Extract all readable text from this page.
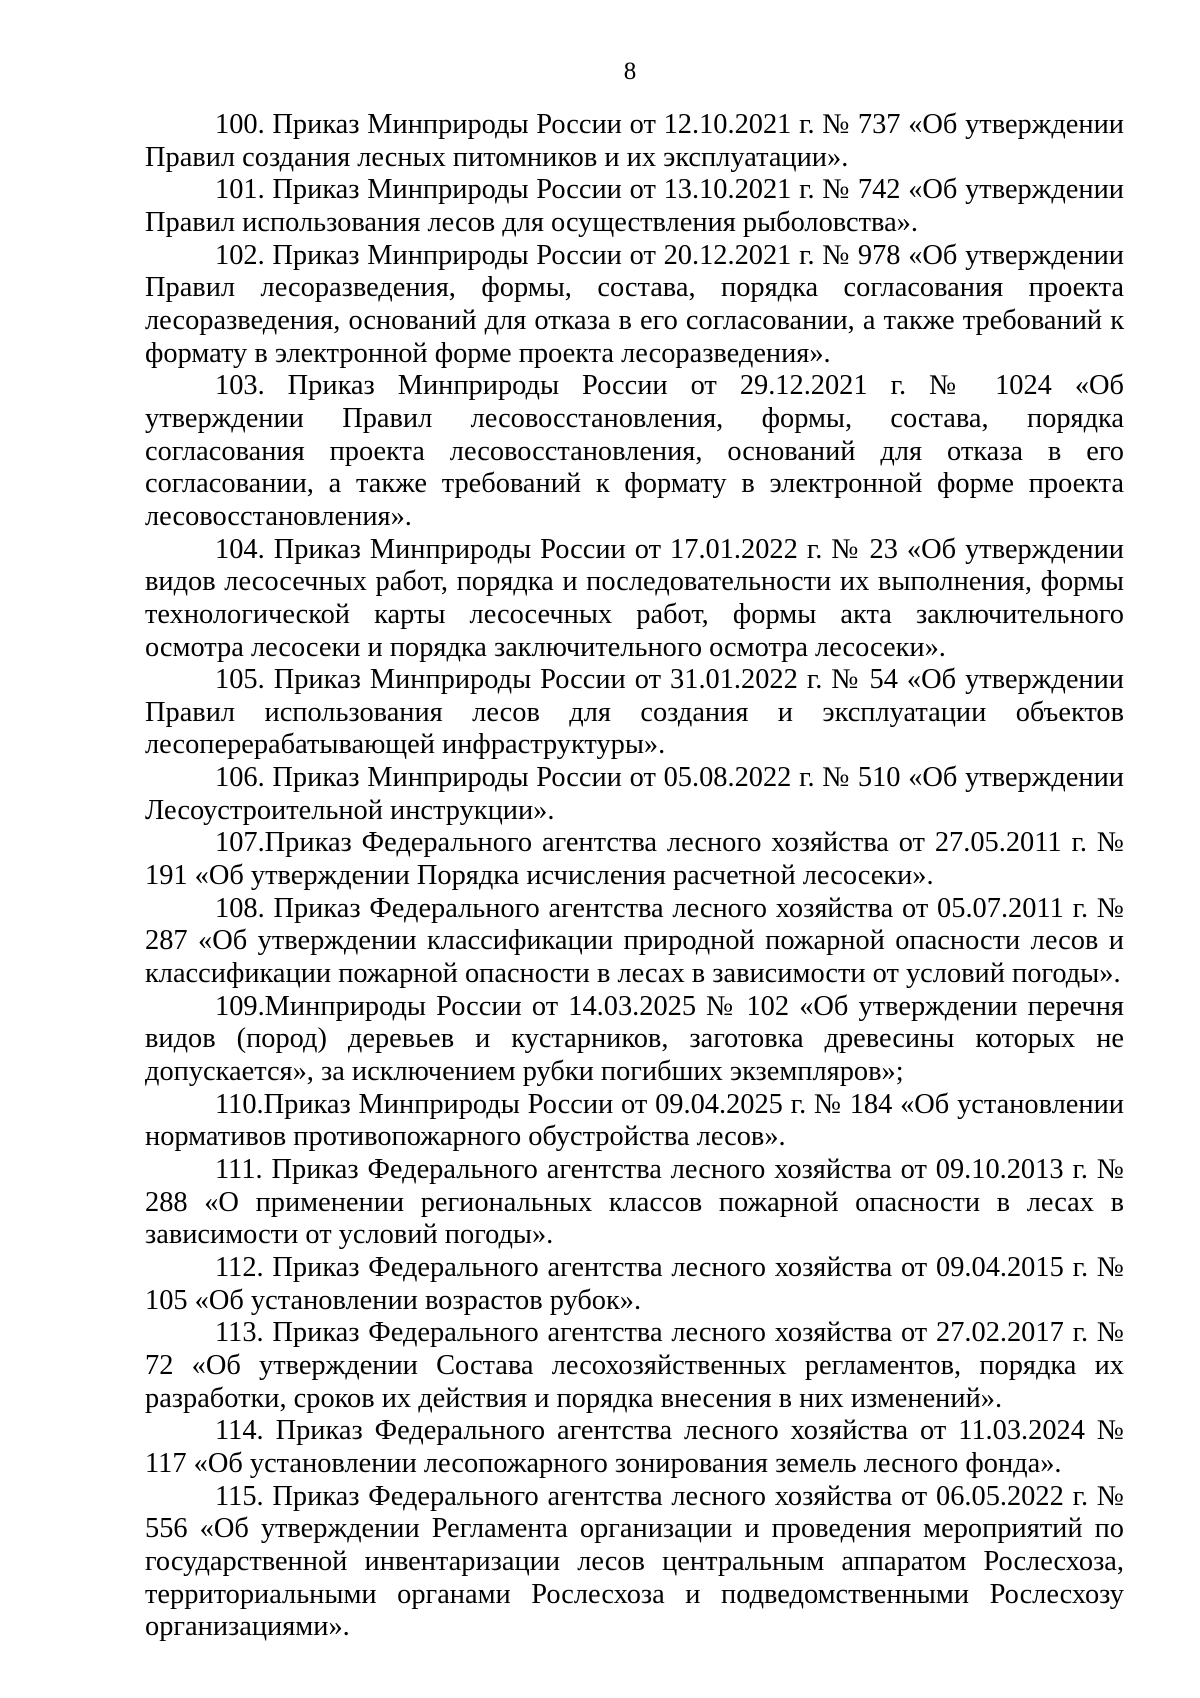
8

100. Приказ Минприроды России от 12.10.2021 г. № 737 «Об утверждении Правил создания лесных питомников и их эксплуатации».

101. Приказ Минприроды России от 13.10.2021 г. № 742 «Об утверждении Правил использования лесов для осуществления рыболовства».

102. Приказ Минприроды России от 20.12.2021 г. № 978 «Об утверждении Правил лесоразведения, формы, состава, порядка согласования проекта лесоразведения, оснований для отказа в его согласовании, а также требований к формату в электронной форме проекта лесоразведения».

103. Приказ Минприроды России от 29.12.2021 г. № 1024 «Об утверждении Правил лесовосстановления, формы, состава, порядка согласования проекта лесовосстановления, оснований для отказа в его согласовании, а также требований к формату в электронной форме проекта лесовосстановления».

104. Приказ Минприроды России от 17.01.2022 г. № 23 «Об утверждении видов лесосечных работ, порядка и последовательности их выполнения, формы технологической карты лесосечных работ, формы акта заключительного осмотра лесосеки и порядка заключительного осмотра лесосеки».

105. Приказ Минприроды России от 31.01.2022 г. № 54 «Об утверждении Правил использования лесов для создания и эксплуатации объектов лесоперерабатывающей инфраструктуры».

106. Приказ Минприроды России от 05.08.2022 г. № 510 «Об утверждении Лесоустроительной инструкции».

107.Приказ Федерального агентства лесного хозяйства от 27.05.2011 г. № 191 «Об утверждении Порядка исчисления расчетной лесосеки».

108. Приказ Федерального агентства лесного хозяйства от 05.07.2011 г. № 287 «Об утверждении классификации природной пожарной опасности лесов и классификации пожарной опасности в лесах в зависимости от условий погоды».

109.Минприроды России от 14.03.2025 № 102 «Об утверждении перечня видов (пород) деревьев и кустарников, заготовка древесины которых не допускается», за исключением рубки погибших экземпляров»;

110.Приказ Минприроды России от 09.04.2025 г. № 184 «Об установлении нормативов противопожарного обустройства лесов».

111. Приказ Федерального агентства лесного хозяйства от 09.10.2013 г. № 288 «О применении региональных классов пожарной опасности в лесах в зависимости от условий погоды».

112. Приказ Федерального агентства лесного хозяйства от 09.04.2015 г. № 105 «Об установлении возрастов рубок».

113. Приказ Федерального агентства лесного хозяйства от 27.02.2017 г. № 72 «Об утверждении Состава лесохозяйственных регламентов, порядка их разработки, сроков их действия и порядка внесения в них изменений».

114. Приказ Федерального агентства лесного хозяйства от 11.03.2024 № 117 «Об установлении лесопожарного зонирования земель лесного фонда».

115. Приказ Федерального агентства лесного хозяйства от 06.05.2022 г. № 556 «Об утверждении Регламента организации и проведения мероприятий по государственной инвентаризации лесов центральным аппаратом Рослесхоза, территориальными органами Рослесхоза и подведомственными Рослесхозу организациями».
